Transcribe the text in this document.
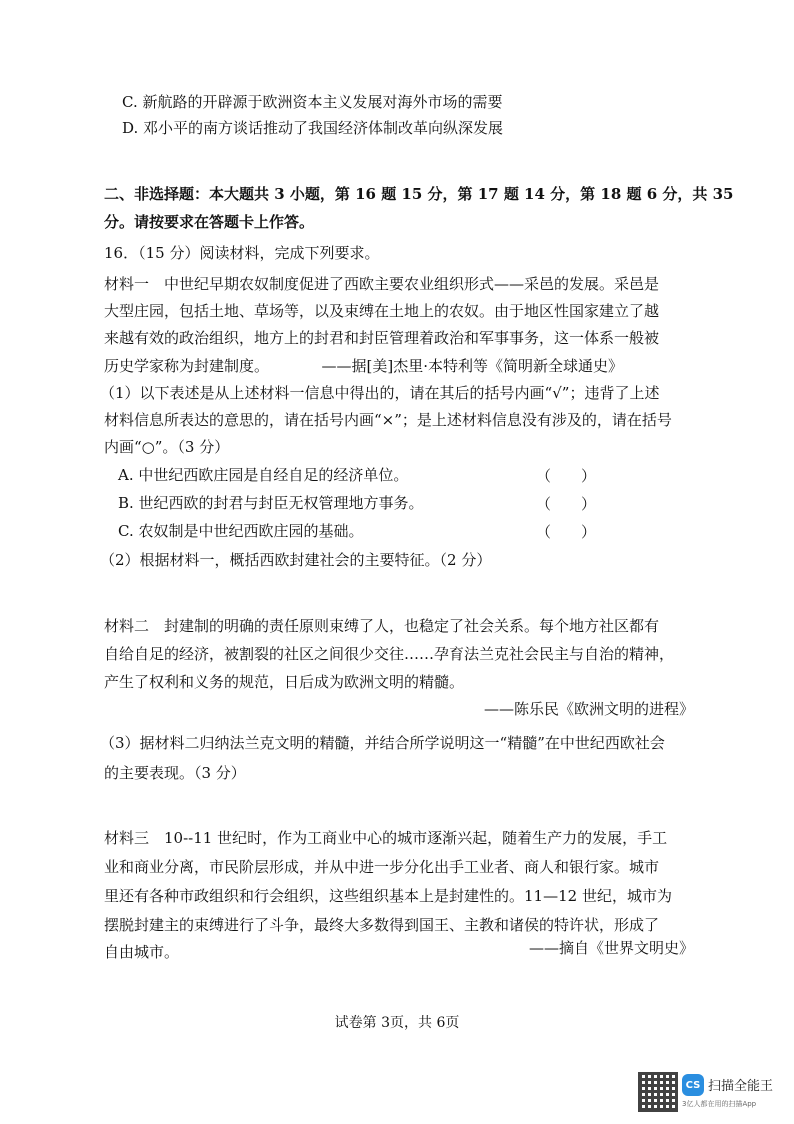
C. 新航路的开辟源于欧洲资本主义发展对海外市场的需要
D. 邓小平的南方谈话推动了我国经济体制改革向纵深发展
二、非选择题：本大题共 3 小题，第 16 题 15 分，第 17 题 14 分，第 18 题 6 分，共 35
分。请按要求在答题卡上作答。
16．（15 分）阅读材料，完成下列要求。
材料一　中世纪早期农奴制度促进了西欧主要农业组织形式——采邑的发展。采邑是
大型庄园，包括土地、草场等，以及束缚在土地上的农奴。由于地区性国家建立了越
来越有效的政治组织，地方上的封君和封臣管理着政治和军事事务，这一体系一般被
历史学家称为封建制度。　　　　——据[美]杰里·本特利等《简明新全球通史》
（1）以下表述是从上述材料一信息中得出的，请在其后的括号内画“√”；违背了上述
材料信息所表达的意思的，请在括号内画“×”；是上述材料信息没有涉及的，请在括号
内画“○”。（3 分）
A. 中世纪西欧庄园是自经自足的经济单位。	（　　）
B. 世纪西欧的封君与封臣无权管理地方事务。	（　　）
C. 农奴制是中世纪西欧庄园的基础。	（　　）
（2）根据材料一，概括西欧封建社会的主要特征。（2 分）
材料二　封建制的明确的责任原则束缚了人，也稳定了社会关系。每个地方社区都有
自给自足的经济，被割裂的社区之间很少交往……孕育法兰克社会民主与自治的精神，
产生了权利和义务的规范，日后成为欧洲文明的精髓。
——陈乐民《欧洲文明的进程》
（3）据材料二归纳法兰克文明的精髓，并结合所学说明这一“精髓”在中世纪西欧社会
的主要表现。（3 分）
材料三　10--11 世纪时，作为工商业中心的城市逐渐兴起，随着生产力的发展，手工
业和商业分离，市民阶层形成，并从中进一步分化出手工业者、商人和银行家。城市
里还有各种市政组织和行会组织，这些组织基本上是封建性的。11—12 世纪，城市为
摆脱封建主的束缚进行了斗争，最终大多数得到国王、主教和诸侯的特许状，形成了
自由城市。	——摘自《世界文明史》
试卷第 3页，共 6页
CS 扫描全能王
3亿人都在用的扫描App
